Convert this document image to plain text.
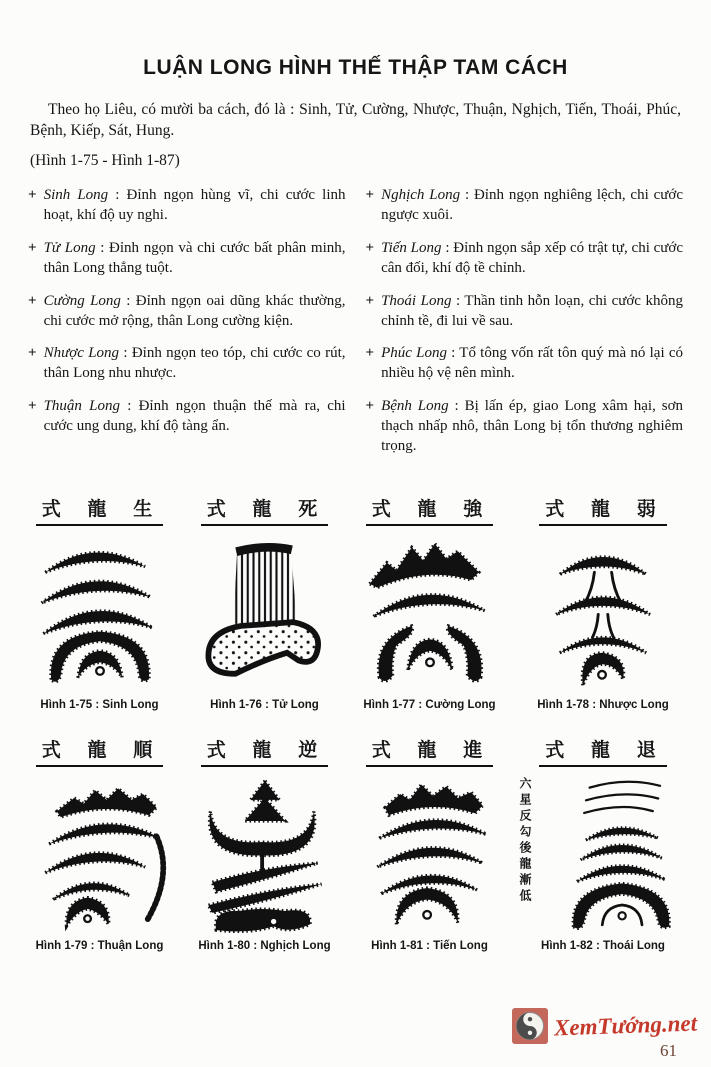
LUẬN LONG HÌNH THẾ THẬP TAM CÁCH

Theo họ Liêu, có mười ba cách, đó là : Sinh, Tử, Cường, Nhược, Thuận, Nghịch, Tiến, Thoái, Phúc, Bệnh, Kiếp, Sát, Hung.

(Hình 1-75 - Hình 1-87)

+ Sinh Long : Đỉnh ngọn hùng vĩ, chi cước linh hoạt, khí độ uy nghi.
+ Tử Long : Đỉnh ngọn và chi cước bất phân minh, thân Long thẳng tuột.
+ Cường Long : Đỉnh ngọn oai dũng khác thường, chi cước mở rộng, thân Long cường kiện.
+ Nhược Long : Đỉnh ngọn teo tóp, chi cước co rút, thân Long nhu nhược.
+ Thuận Long : Đỉnh ngọn thuận thế mà ra, chi cước ung dung, khí độ tàng ẩn.
+ Nghịch Long : Đỉnh ngọn nghiêng lệch, chi cước ngược xuôi.
+ Tiến Long : Đỉnh ngọn sắp xếp có trật tự, chi cước cân đối, khí độ tề chỉnh.
+ Thoái Long : Thần tinh hỗn loạn, chi cước không chỉnh tề, đi lui về sau.
+ Phúc Long : Tổ tông vốn rất tôn quý mà nó lại có nhiều hộ vệ nên mình.
+ Bệnh Long : Bị lấn ép, giao Long xâm hại, sơn thạch nhấp nhô, thân Long bị tổn thương nghiêm trọng.
式 龍 生
Hình 1-75 : Sinh Long
式 龍 死
Hình 1-76 : Tử Long
式 龍 強
Hình 1-77 : Cường Long
式 龍 弱
Hình 1-78 : Nhược Long
式 龍 順
Hình 1-79 : Thuận Long
式 龍 逆
Hình 1-80 : Nghịch Long
式 龍 進
Hình 1-81 : Tiến Long
式 龍 退
六星反勾後龍漸低
Hình 1-82 : Thoái Long
XemTướng.net
61
